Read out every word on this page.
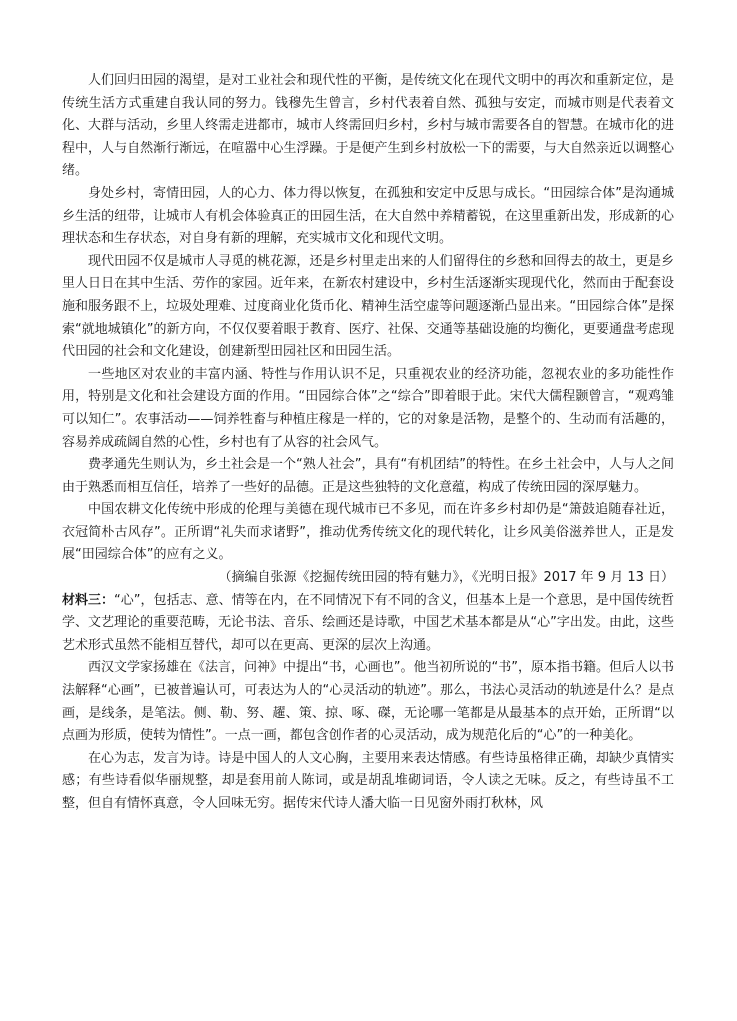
人们回归田园的渴望，是对工业社会和现代性的平衡，是传统文化在现代文明中的再次和重新定位，是传统生活方式重建自我认同的努力。钱穆先生曾言，乡村代表着自然、孤独与安定，而城市则是代表着文化、大群与活动，乡里人终需走进都市，城市人终需回归乡村，乡村与城市需要各自的智慧。在城市化的进程中，人与自然渐行渐远，在喧嚣中心生浮躁。于是便产生到乡村放松一下的需要，与大自然亲近以调整心绪。

身处乡村，寄情田园，人的心力、体力得以恢复，在孤独和安定中反思与成长。“田园综合体”是沟通城乡生活的纽带，让城市人有机会体验真正的田园生活，在大自然中养精蓄锐，在这里重新出发，形成新的心理状态和生存状态，对自身有新的理解，充实城市文化和现代文明。

现代田园不仅是城市人寻觅的桃花源，还是乡村里走出来的人们留得住的乡愁和回得去的故土，更是乡里人日日在其中生活、劳作的家园。近年来，在新农村建设中，乡村生活逐渐实现现代化，然而由于配套设施和服务跟不上，垃圾处理难、过度商业化货币化、精神生活空虚等问题逐渐凸显出来。“田园综合体”是探索“就地城镇化”的新方向，不仅仅要着眼于教育、医疗、社保、交通等基础设施的均衡化，更要通盘考虑现代田园的社会和文化建设，创建新型田园社区和田园生活。

一些地区对农业的丰富内涵、特性与作用认识不足，只重视农业的经济功能，忽视农业的多功能性作用，特别是文化和社会建设方面的作用。“田园综合体”之“综合”即着眼于此。宋代大儒程颢曾言，“观鸡雏可以知仁”。农事活动——饲养牲畜与种植庄稼是一样的，它的对象是活物，是整个的、生动而有活趣的，容易养成疏阔自然的心性，乡村也有了从容的社会风气。

费孝通先生则认为，乡土社会是一个“熟人社会”，具有“有机团结”的特性。在乡土社会中，人与人之间由于熟悉而相互信任，培养了一些好的品德。正是这些独特的文化意蕴，构成了传统田园的深厚魅力。

中国农耕文化传统中形成的伦理与美德在现代城市已不多见，而在许多乡村却仍是“箫鼓追随春社近，衣冠简朴古风存”。正所谓“礼失而求诸野”，推动优秀传统文化的现代转化，让乡风美俗滋养世人，正是发展“田园综合体”的应有之义。

（摘编自张源《挖掘传统田园的特有魅力》，《光明日报》2017 年 9 月 13 日）

材料三：“心”，包括志、意、情等在内，在不同情况下有不同的含义，但基本上是一个意思，是中国传统哲学、文艺理论的重要范畴，无论书法、音乐、绘画还是诗歌，中国艺术基本都是从“心”字出发。由此，这些艺术形式虽然不能相互替代，却可以在更高、更深的层次上沟通。

西汉文学家扬雄在《法言，问神》中提出“书，心画也”。他当初所说的“书”，原本指书籍。但后人以书法解释“心画”，已被普遍认可，可表达为人的“心灵活动的轨迹”。那么，书法心灵活动的轨迹是什么？是点画，是线条，是笔法。侧、勒、努、趯、策、掠、啄、磔，无论哪一笔都是从最基本的点开始，正所谓“以点画为形质，使转为情性”。一点一画，都包含创作者的心灵活动，成为规范化后的“心”的一种美化。

在心为志，发言为诗。诗是中国人的人文心胸，主要用来表达情感。有些诗虽格律正确，却缺少真情实感；有些诗看似华丽规整，却是套用前人陈词，或是胡乱堆砌词语，令人读之无味。反之，有些诗虽不工整，但自有情怀真意，令人回味无穷。据传宋代诗人潘大临一日见窗外雨打秋林，风
